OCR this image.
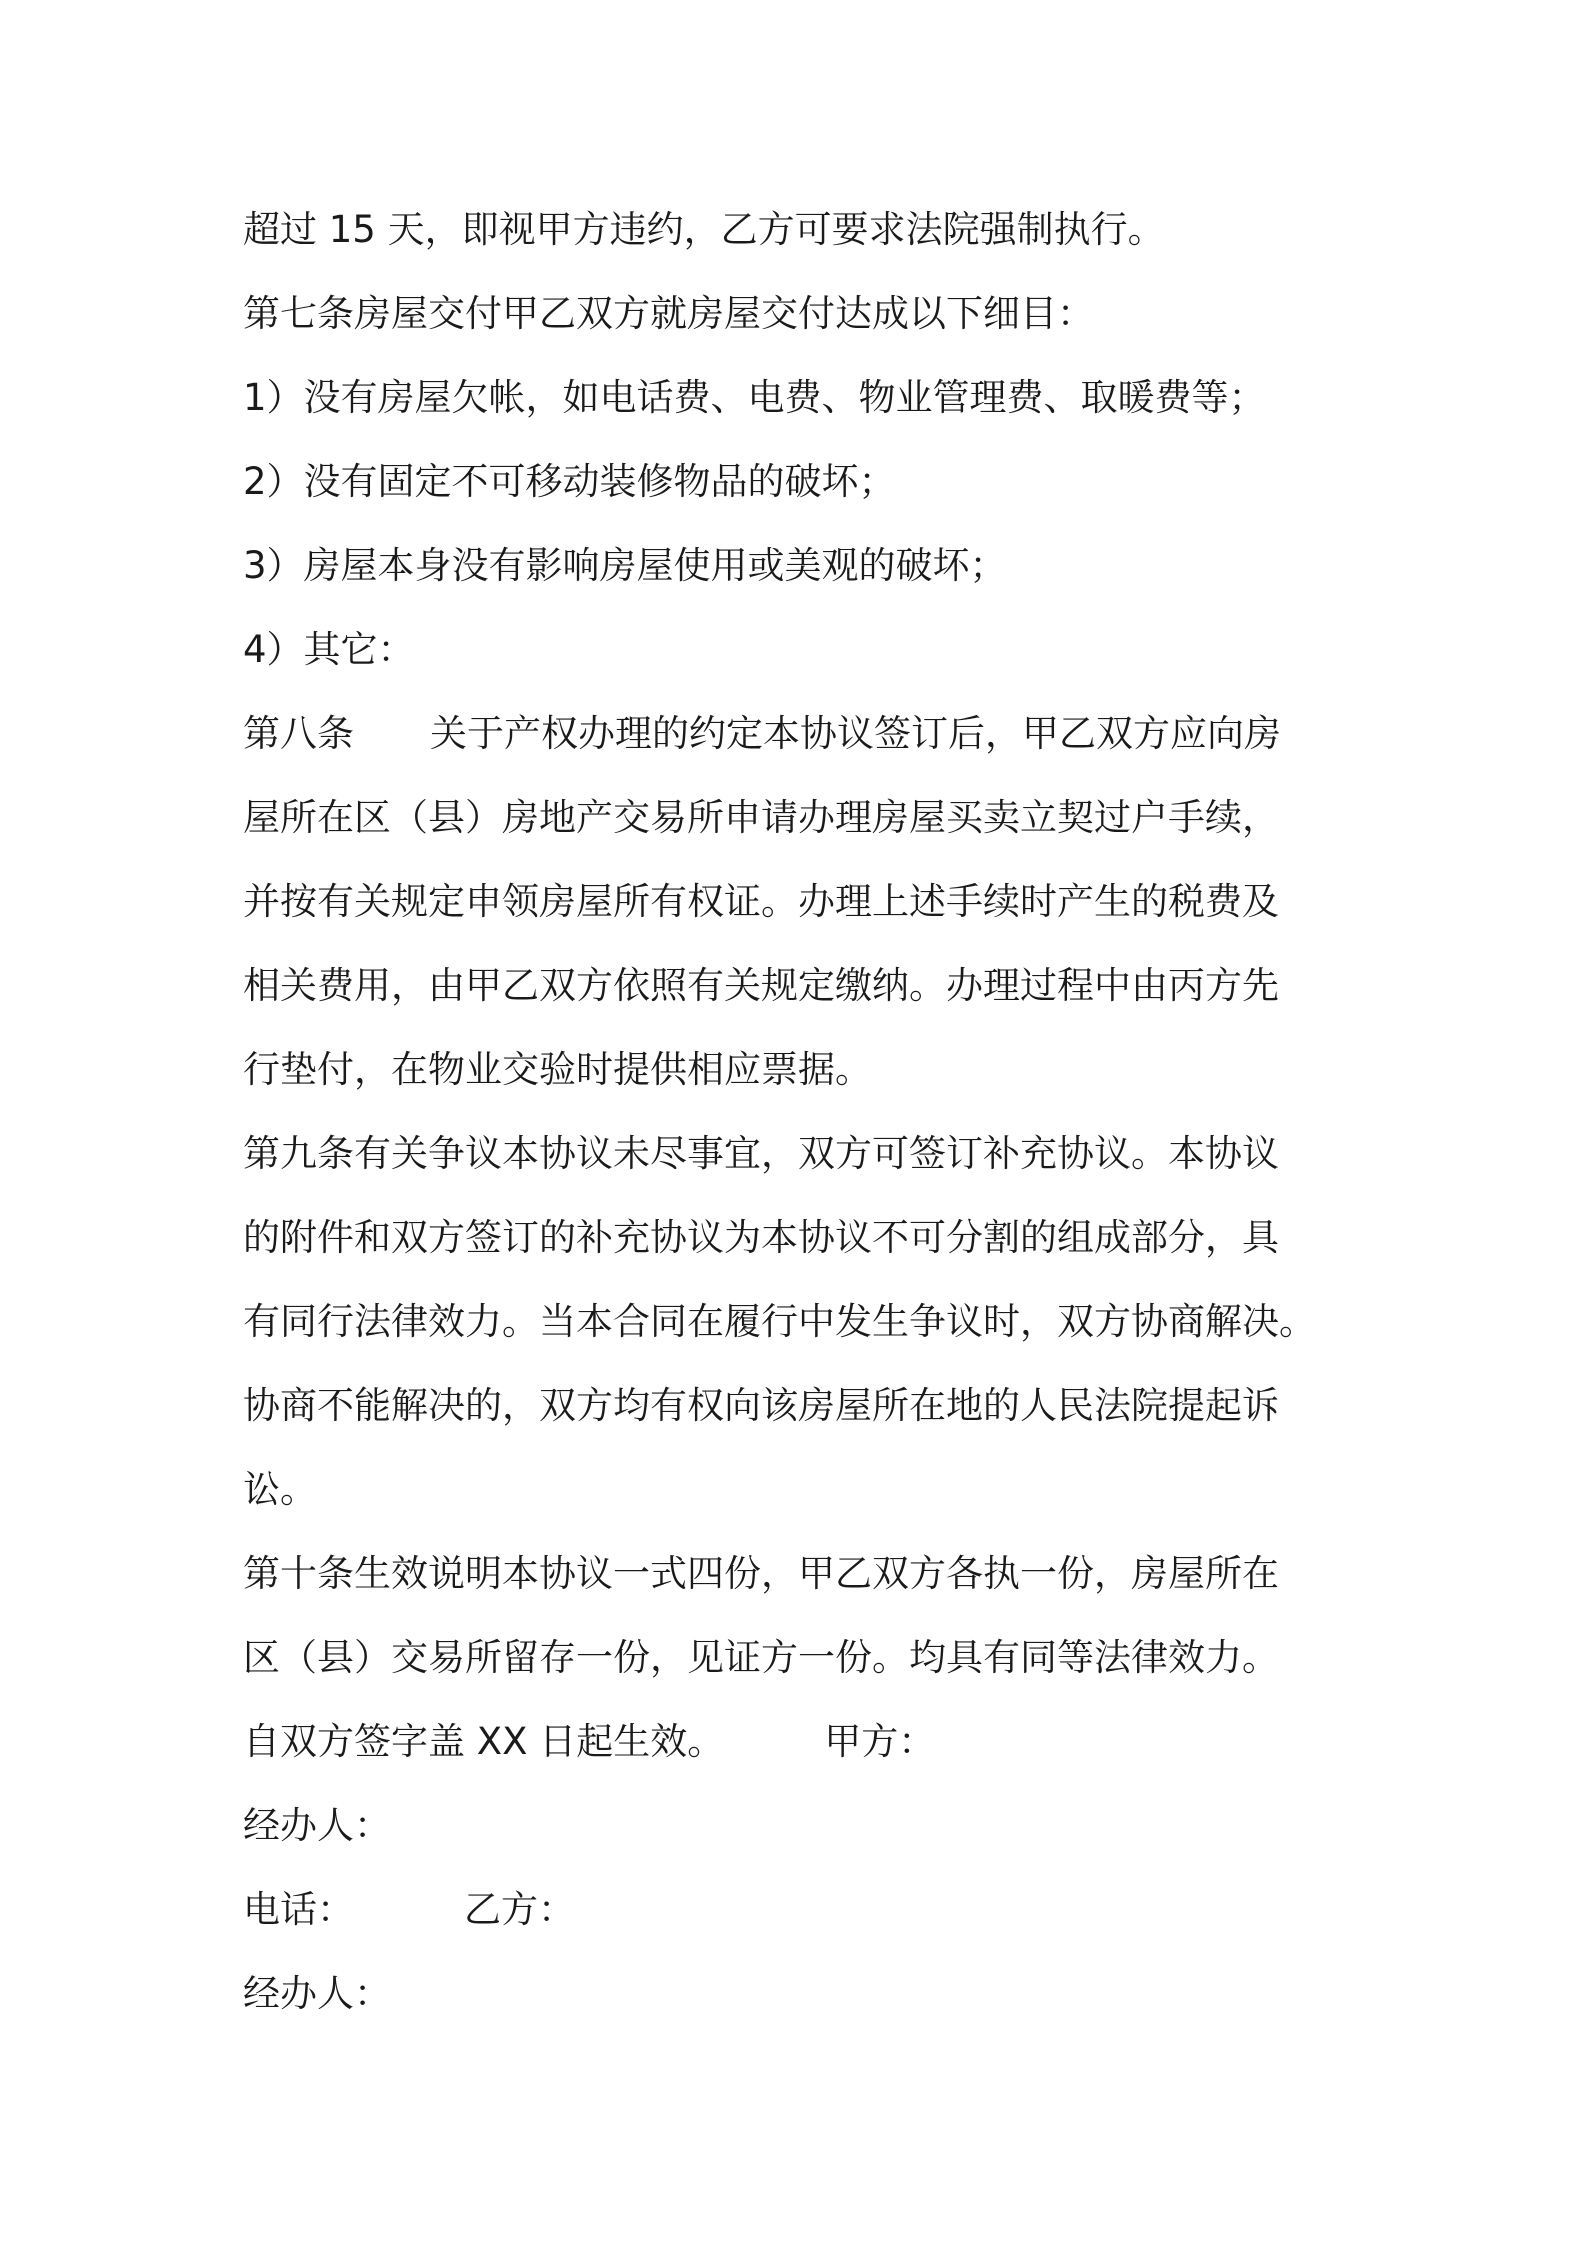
超过 15 天，即视甲方违约，乙方可要求法院强制执行。
第七条房屋交付甲乙双方就房屋交付达成以下细目：
1）没有房屋欠帐，如电话费、电费、物业管理费、取暖费等；
2）没有固定不可移动装修物品的破坏；
3）房屋本身没有影响房屋使用或美观的破坏；
4）其它：
第八条 关于产权办理的约定本协议签订后，甲乙双方应向房
屋所在区（县）房地产交易所申请办理房屋买卖立契过户手续，
并按有关规定申领房屋所有权证。办理上述手续时产生的税费及
相关费用，由甲乙双方依照有关规定缴纳。办理过程中由丙方先
行垫付，在物业交验时提供相应票据。
第九条有关争议本协议未尽事宜，双方可签订补充协议。本协议
的附件和双方签订的补充协议为本协议不可分割的组成部分，具
有同行法律效力。当本合同在履行中发生争议时，双方协商解决。
协商不能解决的，双方均有权向该房屋所在地的人民法院提起诉
讼。
第十条生效说明本协议一式四份，甲乙双方各执一份，房屋所在
区（县）交易所留存一份，见证方一份。均具有同等法律效力。
自双方签字盖 XX 日起生效。	甲方：
经办人：
电话：	乙方：
经办人：
